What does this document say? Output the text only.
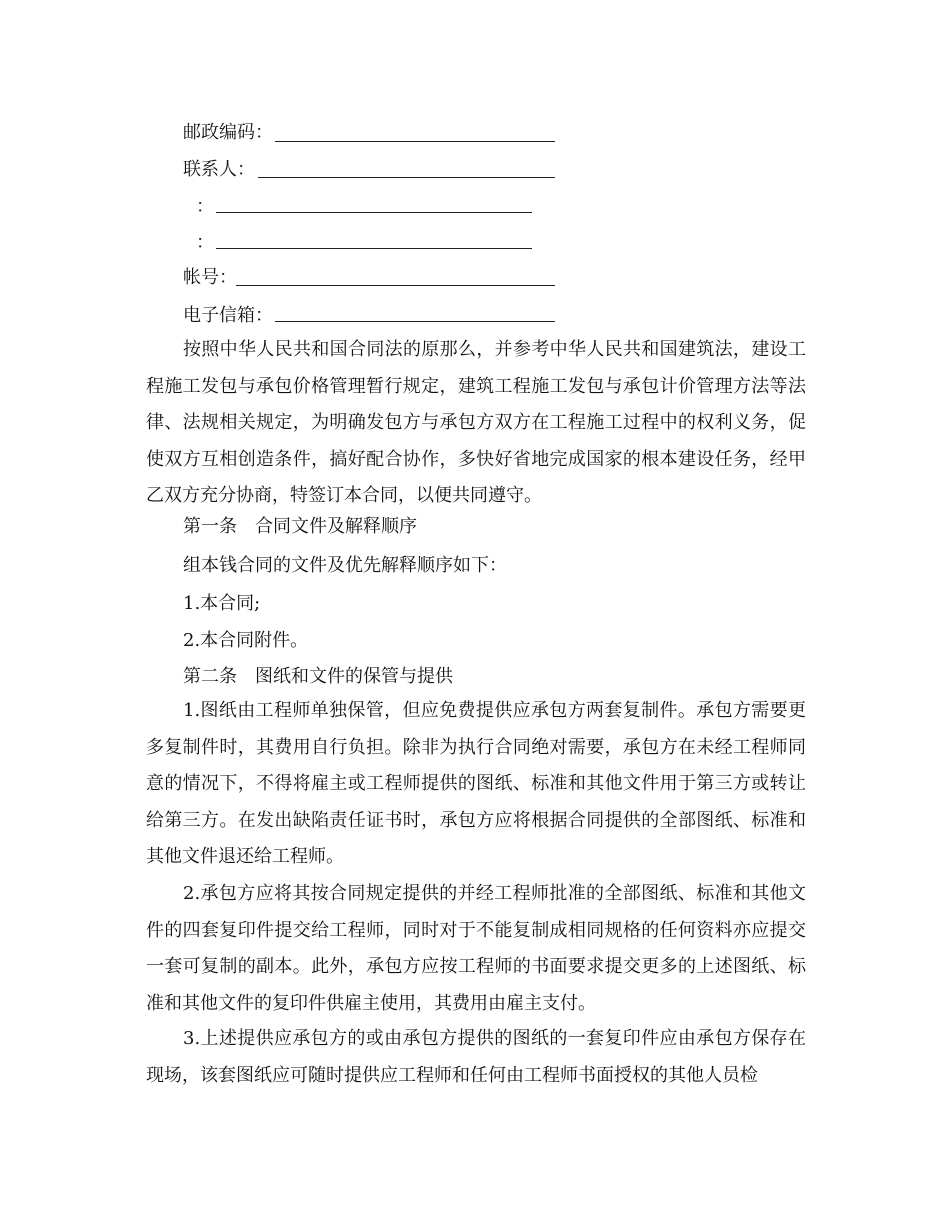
邮政编码：
联系人：
：
：
帐号：
电子信箱：
按照中华人民共和国合同法的原那么，并参考中华人民共和国建筑法，建设工程施工发包与承包价格管理暂行规定，建筑工程施工发包与承包计价管理方法等法律、法规相关规定，为明确发包方与承包方双方在工程施工过程中的权利义务，促使双方互相创造条件，搞好配合协作，多快好省地完成国家的根本建设任务，经甲乙双方充分协商，特签订本合同，以便共同遵守。
第一条　合同文件及解释顺序
组本钱合同的文件及优先解释顺序如下：
1.本合同;
2.本合同附件。
第二条　图纸和文件的保管与提供
1.图纸由工程师单独保管，但应免费提供应承包方两套复制件。承包方需要更多复制件时，其费用自行负担。除非为执行合同绝对需要，承包方在未经工程师同意的情况下，不得将雇主或工程师提供的图纸、标准和其他文件用于第三方或转让给第三方。在发出缺陷责任证书时，承包方应将根据合同提供的全部图纸、标准和其他文件退还给工程师。
2.承包方应将其按合同规定提供的并经工程师批准的全部图纸、标准和其他文件的四套复印件提交给工程师，同时对于不能复制成相同规格的任何资料亦应提交一套可复制的副本。此外，承包方应按工程师的书面要求提交更多的上述图纸、标准和其他文件的复印件供雇主使用，其费用由雇主支付。
3.上述提供应承包方的或由承包方提供的图纸的一套复印件应由承包方保存在现场，该套图纸应可随时提供应工程师和任何由工程师书面授权的其他人员检
